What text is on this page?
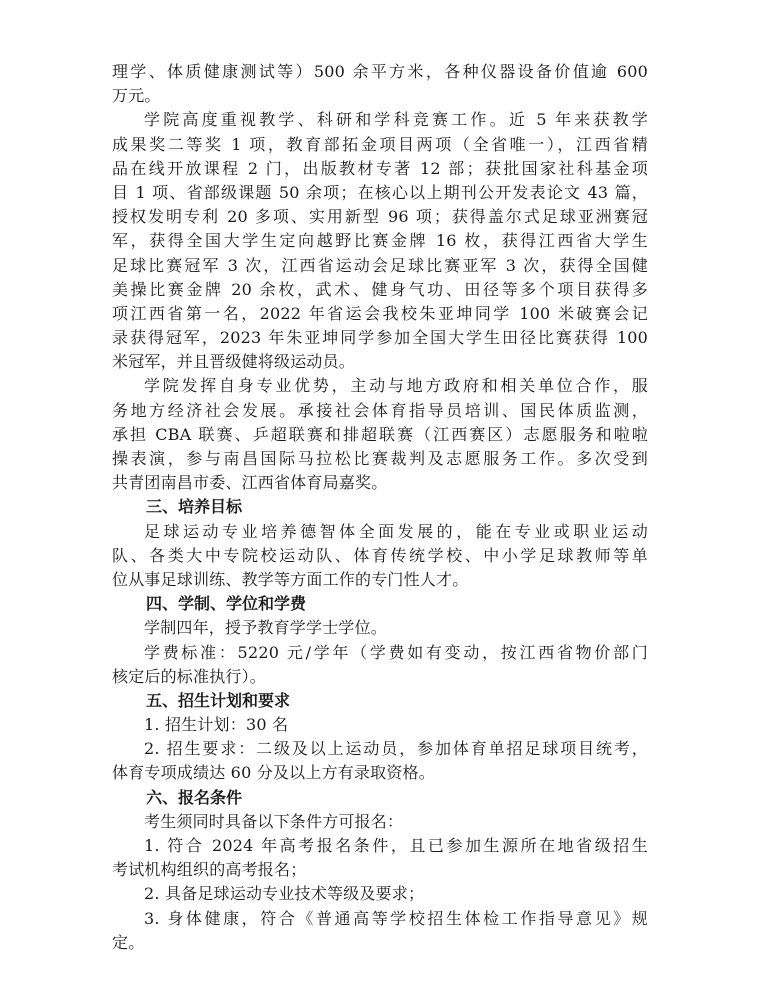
理学、体质健康测试等）500 余平方米，各种仪器设备价值逾 600
万元。
学院高度重视教学、科研和学科竞赛工作。近 5 年来获教学
成果奖二等奖 1 项，教育部拓金项目两项（全省唯一），江西省精
品在线开放课程 2 门，出版教材专著 12 部；获批国家社科基金项
目 1 项、省部级课题 50 余项；在核心以上期刊公开发表论文 43 篇，
授权发明专利 20 多项、实用新型 96 项；获得盖尔式足球亚洲赛冠
军，获得全国大学生定向越野比赛金牌 16 枚，获得江西省大学生
足球比赛冠军 3 次，江西省运动会足球比赛亚军 3 次，获得全国健
美操比赛金牌 20 余枚，武术、健身气功、田径等多个项目获得多
项江西省第一名，2022 年省运会我校朱亚坤同学 100 米破赛会记
录获得冠军，2023 年朱亚坤同学参加全国大学生田径比赛获得 100
米冠军，并且晋级健将级运动员。
学院发挥自身专业优势，主动与地方政府和相关单位合作，服
务地方经济社会发展。承接社会体育指导员培训、国民体质监测，
承担 CBA 联赛、乒超联赛和排超联赛（江西赛区）志愿服务和啦啦
操表演，参与南昌国际马拉松比赛裁判及志愿服务工作。多次受到
共青团南昌市委、江西省体育局嘉奖。
三、培养目标
足球运动专业培养德智体全面发展的，能在专业或职业运动
队、各类大中专院校运动队、体育传统学校、中小学足球教师等单
位从事足球训练、教学等方面工作的专门性人才。
四、学制、学位和学费
学制四年，授予教育学学士学位。
学费标准：5220 元/学年（学费如有变动，按江西省物价部门
核定后的标准执行）。
五、招生计划和要求
1. 招生计划：30 名
2. 招生要求：二级及以上运动员，参加体育单招足球项目统考，
体育专项成绩达 60 分及以上方有录取资格。
六、报名条件
考生须同时具备以下条件方可报名：
1. 符合 2024 年高考报名条件，且已参加生源所在地省级招生
考试机构组织的高考报名；
2. 具备足球运动专业技术等级及要求；
3. 身体健康，符合《普通高等学校招生体检工作指导意见》规
定。
